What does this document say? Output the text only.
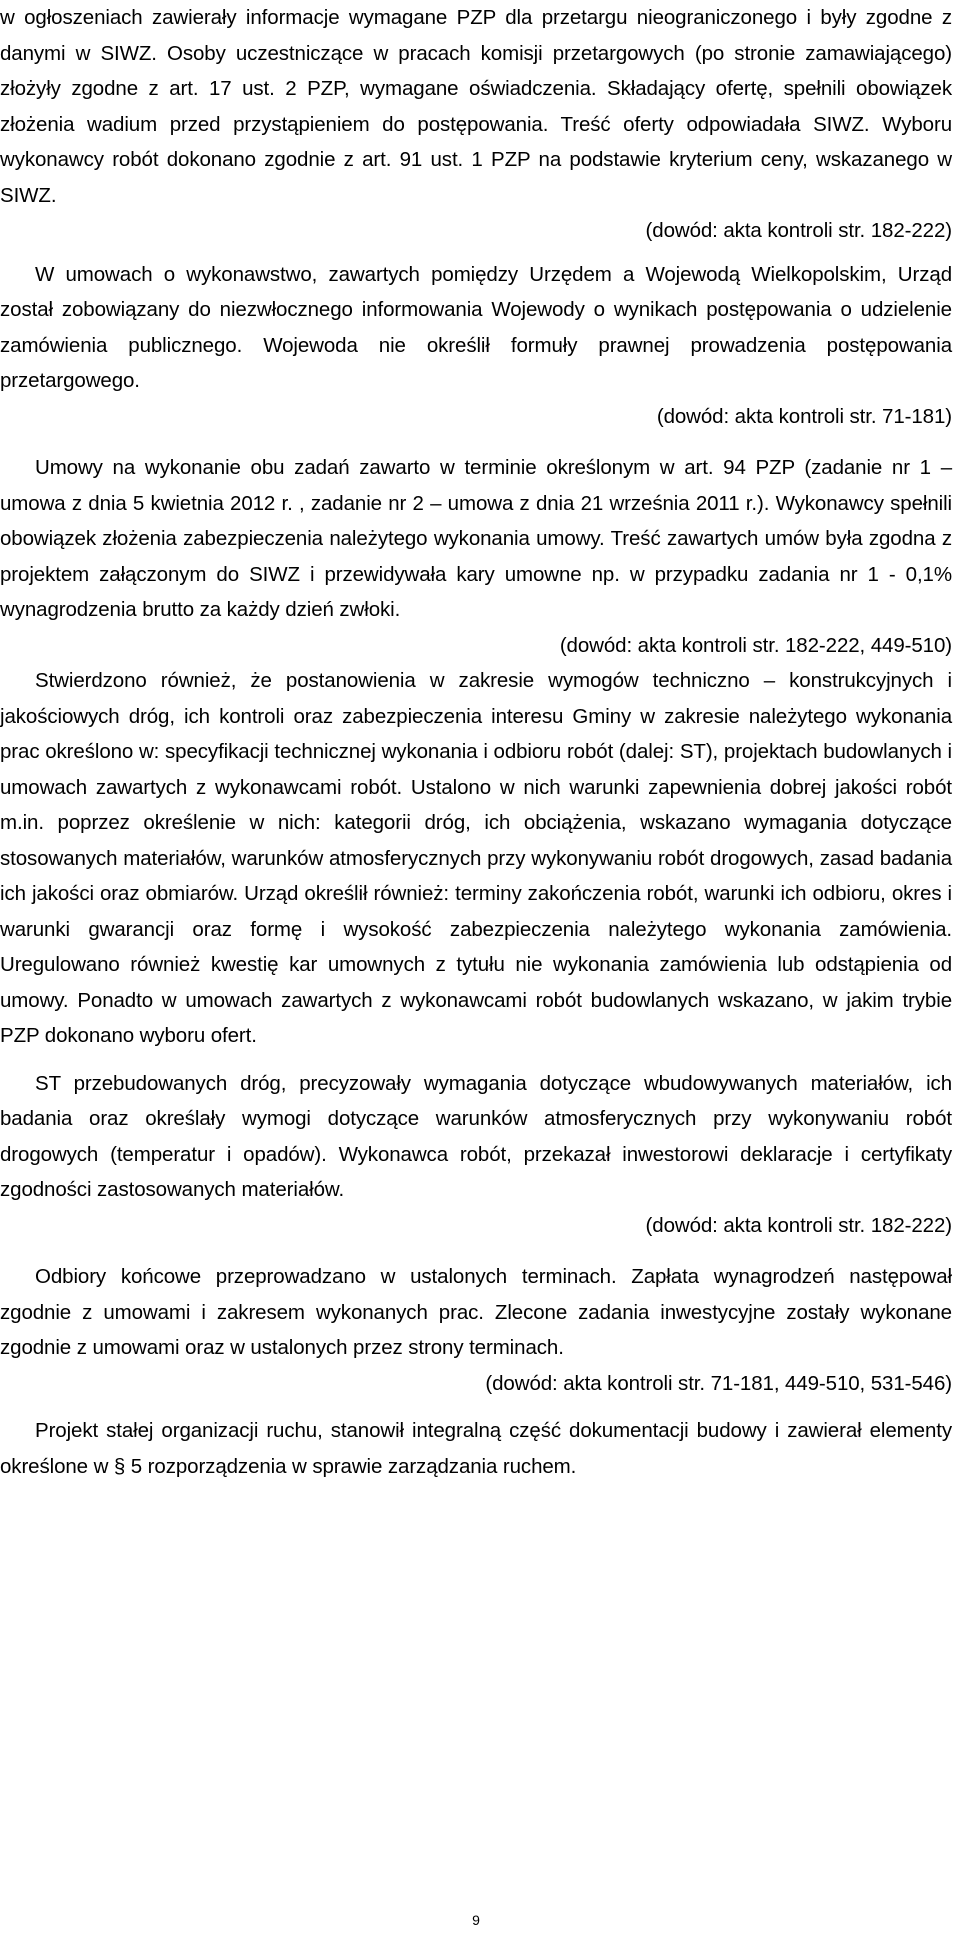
w ogłoszeniach zawierały informacje wymagane PZP dla przetargu nieograniczonego i były zgodne z danymi w SIWZ. Osoby uczestniczące w pracach komisji przetargowych (po stronie zamawiającego) złożyły zgodne z art. 17 ust. 2 PZP, wymagane oświadczenia. Składający ofertę, spełnili obowiązek złożenia wadium przed przystąpieniem do postępowania. Treść oferty odpowiadała SIWZ. Wyboru wykonawcy robót dokonano zgodnie z art. 91 ust. 1 PZP na podstawie kryterium ceny, wskazanego w SIWZ.

(dowód: akta kontroli str. 182-222)

W umowach o wykonawstwo, zawartych pomiędzy Urzędem a Wojewodą Wielkopolskim, Urząd został zobowiązany do niezwłocznego informowania Wojewody o wynikach postępowania o udzielenie zamówienia publicznego. Wojewoda nie określił formuły prawnej prowadzenia postępowania przetargowego.

(dowód: akta kontroli str. 71-181)

Umowy na wykonanie obu zadań zawarto w terminie określonym w art. 94 PZP (zadanie nr 1 – umowa z dnia 5 kwietnia 2012 r. , zadanie nr 2 – umowa z dnia 21 września 2011 r.). Wykonawcy spełnili obowiązek złożenia zabezpieczenia należytego wykonania umowy. Treść zawartych umów była zgodna z projektem załączonym do SIWZ i przewidywała kary umowne np. w przypadku zadania nr 1 - 0,1% wynagrodzenia brutto za każdy dzień zwłoki.

(dowód: akta kontroli str. 182-222, 449-510)

Stwierdzono również, że postanowienia w zakresie wymogów techniczno – konstrukcyjnych i jakościowych dróg, ich kontroli oraz zabezpieczenia interesu Gminy w zakresie należytego wykonania prac określono w: specyfikacji technicznej wykonania i odbioru robót (dalej: ST), projektach budowlanych i umowach zawartych z wykonawcami robót. Ustalono w nich warunki zapewnienia dobrej jakości robót m.in. poprzez określenie w nich: kategorii dróg, ich obciążenia, wskazano wymagania dotyczące stosowanych materiałów, warunków atmosferycznych przy wykonywaniu robót drogowych, zasad badania ich jakości oraz obmiarów. Urząd określił również: terminy zakończenia robót, warunki ich odbioru, okres i warunki gwarancji oraz formę i wysokość zabezpieczenia należytego wykonania zamówienia. Uregulowano również kwestię kar umownych z tytułu nie wykonania zamówienia lub odstąpienia od umowy. Ponadto w umowach zawartych z wykonawcami robót budowlanych wskazano, w jakim trybie PZP dokonano wyboru ofert.

ST przebudowanych dróg, precyzowały wymagania dotyczące wbudowywanych materiałów, ich badania oraz określały wymogi dotyczące warunków atmosferycznych przy wykonywaniu robót drogowych (temperatur i opadów). Wykonawca robót, przekazał inwestorowi deklaracje i certyfikaty zgodności zastosowanych materiałów.

(dowód: akta kontroli str. 182-222)

Odbiory końcowe przeprowadzano w ustalonych terminach. Zapłata wynagrodzeń następował zgodnie z umowami i zakresem wykonanych prac. Zlecone zadania inwestycyjne zostały wykonane zgodnie z umowami oraz w ustalonych przez strony terminach.

(dowód: akta kontroli str. 71-181, 449-510, 531-546)

Projekt stałej organizacji ruchu, stanowił integralną część dokumentacji budowy i zawierał elementy określone w § 5 rozporządzenia w sprawie zarządzania ruchem.

9
